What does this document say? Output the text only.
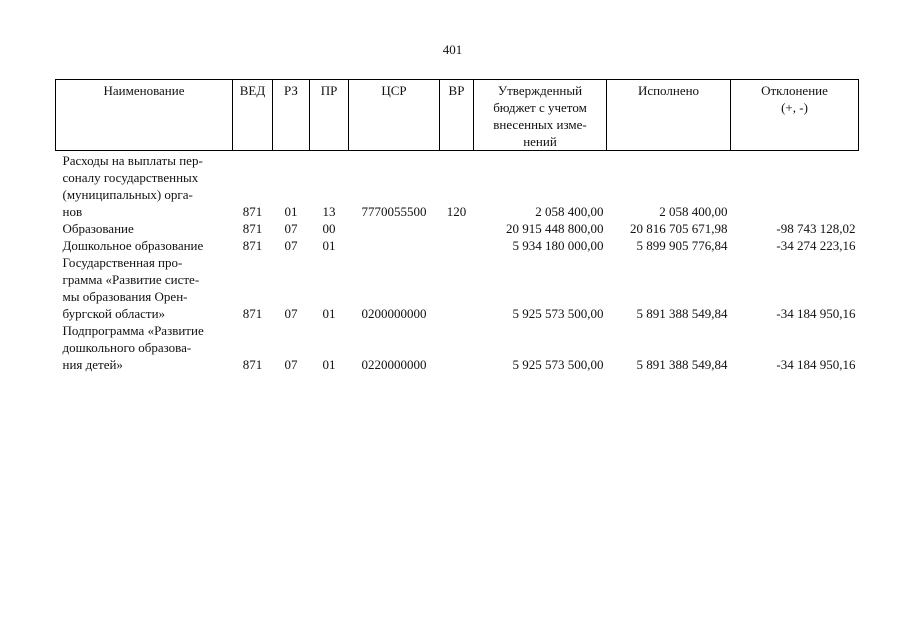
401
Наименование	ВЕД	РЗ	ПР	ЦСР	ВР	Утвержденный
бюджет с учетом
внесенных изме-
нений	Исполнено	Отклонение
(+, -)

Расходы на выплаты пер-
соналу государственных
(муниципальных) орга-
нов	871	01	13	7770055500	120	2 058 400,00	2 058 400,00	

Образование	871	07	00			20 915 448 800,00	20 816 705 671,98	-98 743 128,02

Дошкольное образование	871	07	01			5 934 180 000,00	5 899 905 776,84	-34 274 223,16

Государственная про-
грамма «Развитие систе-
мы образования Орен-
бургской области»	871	07	01	0200000000		5 925 573 500,00	5 891 388 549,84	-34 184 950,16

Подпрограмма «Развитие
дошкольного образова-
ния детей»	871	07	01	0220000000		5 925 573 500,00	5 891 388 549,84	-34 184 950,16
